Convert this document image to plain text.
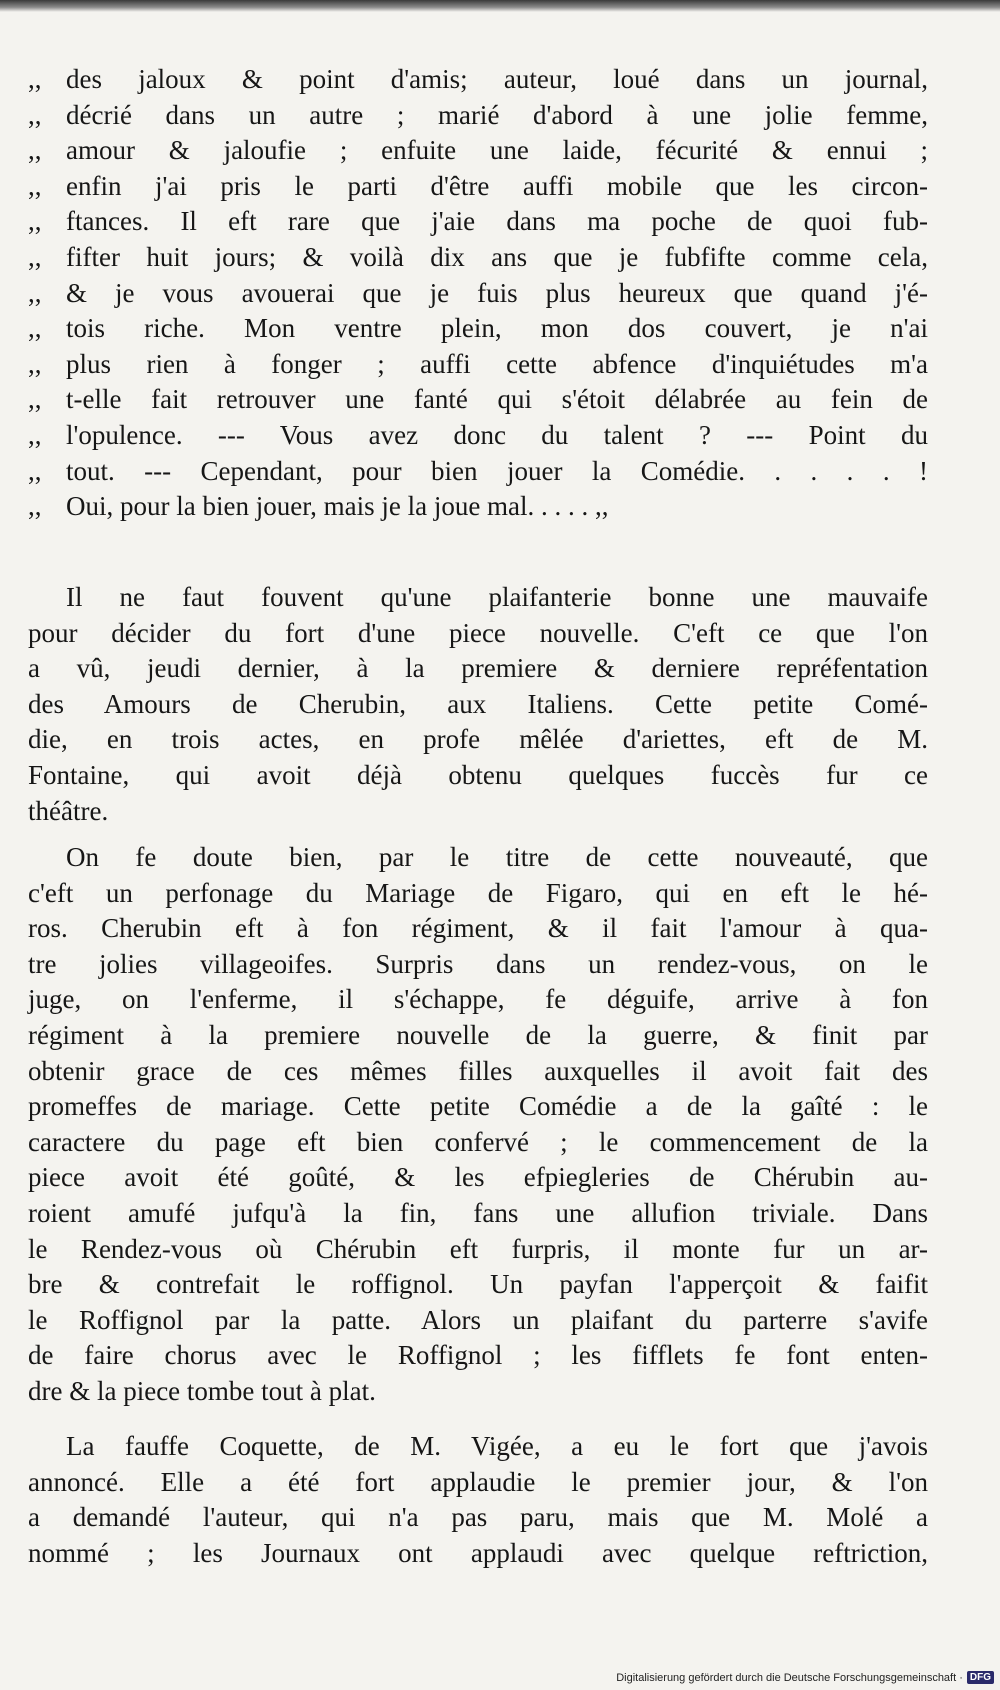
,, des jaloux & point d'amis; auteur, loué dans un journal,
,, décrié dans un autre ; marié d'abord à une jolie femme,
,, amour & jaloufie ; enfuite une laide, fécurité & ennui ;
,, enfin j'ai pris le parti d'être auffi mobile que les circon-
,, ftances. Il eft rare que j'aie dans ma poche de quoi fub-
,, fifter huit jours; & voilà dix ans que je fubfifte comme cela,
,, & je vous avouerai que je fuis plus heureux que quand j'é-
,, tois riche. Mon ventre plein, mon dos couvert, je n'ai
,, plus rien à fonger ; auffi cette abfence d'inquiétudes m'a
,, t-elle fait retrouver une fanté qui s'étoit délabrée au fein de
,, l'opulence. --- Vous avez donc du talent ? --- Point du
,, tout. --- Cependant, pour bien jouer la Comédie. . . . . !
,, Oui, pour la bien jouer, mais je la joue mal. . . . . ,,
Il ne faut fouvent qu'une plaifanterie bonne une mauvaife
pour décider du fort d'une piece nouvelle. C'eft ce que l'on
a vû, jeudi dernier, à la premiere & derniere repréfentation
des Amours de Cherubin, aux Italiens. Cette petite Comé-
die, en trois actes, en profe mêlée d'ariettes, eft de M.
Fontaine, qui avoit déjà obtenu quelques fuccès fur ce
théâtre.
On fe doute bien, par le titre de cette nouveauté, que
c'eft un perfonage du Mariage de Figaro, qui en eft le hé-
ros. Cherubin eft à fon régiment, & il fait l'amour à qua-
tre jolies villageoifes. Surpris dans un rendez-vous, on le
juge, on l'enferme, il s'échappe, fe déguife, arrive à fon
régiment à la premiere nouvelle de la guerre, & finit par
obtenir grace de ces mêmes filles auxquelles il avoit fait des
promeffes de mariage. Cette petite Comédie a de la gaîté : le
caractere du page eft bien confervé ; le commencement de la
piece avoit été goûté, & les efpiegleries de Chérubin au-
roient amufé jufqu'à la fin, fans une allufion triviale. Dans
le Rendez-vous où Chérubin eft furpris, il monte fur un ar-
bre & contrefait le roffignol. Un payfan l'apperçoit & faifit
le Roffignol par la patte. Alors un plaifant du parterre s'avife
de faire chorus avec le Roffignol ; les fifflets fe font enten-
dre & la piece tombe tout à plat.
La fauffe Coquette, de M. Vigée, a eu le fort que j'avois
annoncé. Elle a été fort applaudie le premier jour, & l'on
a demandé l'auteur, qui n'a pas paru, mais que M. Molé a
nommé ; les Journaux ont applaudi avec quelque reftriction,
Digitalisierung gefördert durch die Deutsche Forschungsgemeinschaft · DFG
